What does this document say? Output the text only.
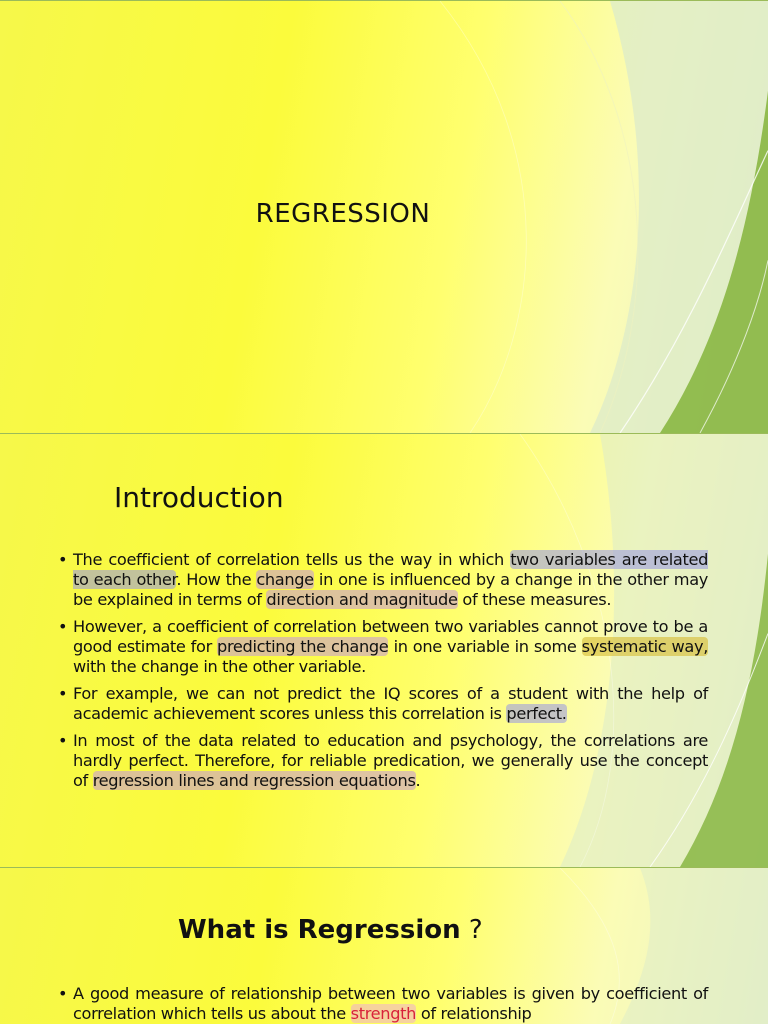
REGRESSION
Introduction
• The coefficient of correlation tells us the way in which two variables are related to each other. How the change in one is influenced by a change in the other may be explained in terms of direction and magnitude of these measures.
• However, a coefficient of correlation between two variables cannot prove to be a good estimate for predicting the change in one variable in some systematic way, with the change in the other variable.
• For example, we can not predict the IQ scores of a student with the help of academic achievement scores unless this correlation is perfect.
• In most of the data related to education and psychology, the correlations are hardly perfect. Therefore, for reliable predication, we generally use the concept of regression lines and regression equations.
What is Regression ?
• A good measure of relationship between two variables is given by coefficient of correlation which tells us about the strength of relationship
